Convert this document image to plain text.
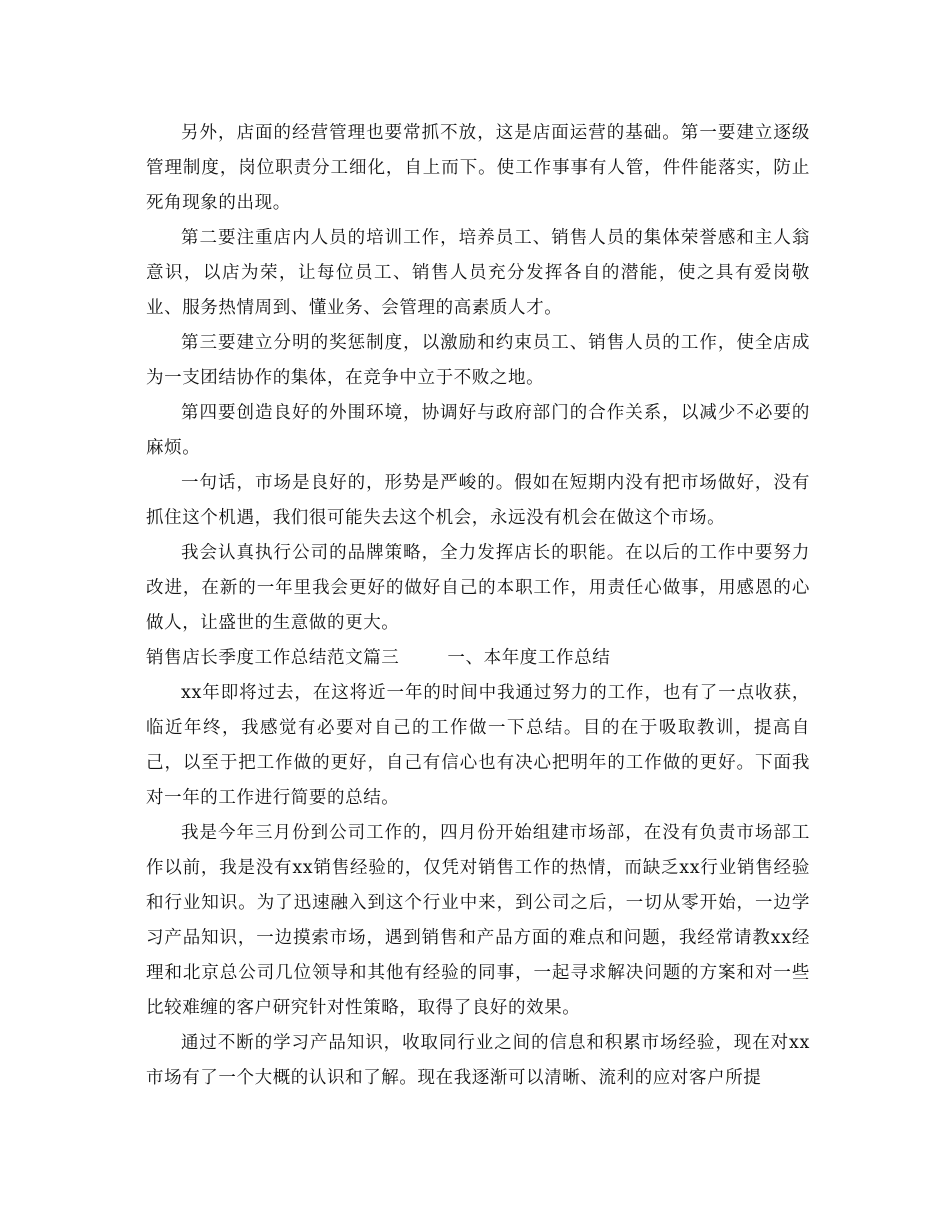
另外，店面的经营管理也要常抓不放，这是店面运营的基础。第一要建立逐级管理制度，岗位职责分工细化，自上而下。使工作事事有人管，件件能落实，防止死角现象的出现。

第二要注重店内人员的培训工作，培养员工、销售人员的集体荣誉感和主人翁意识，以店为荣，让每位员工、销售人员充分发挥各自的潜能，使之具有爱岗敬业、服务热情周到、懂业务、会管理的高素质人才。

第三要建立分明的奖惩制度，以激励和约束员工、销售人员的工作，使全店成为一支团结协作的集体，在竞争中立于不败之地。

第四要创造良好的外围环境，协调好与政府部门的合作关系，以减少不必要的麻烦。

一句话，市场是良好的，形势是严峻的。假如在短期内没有把市场做好，没有抓住这个机遇，我们很可能失去这个机会，永远没有机会在做这个市场。

我会认真执行公司的品牌策略，全力发挥店长的职能。在以后的工作中要努力改进，在新的一年里我会更好的做好自己的本职工作，用责任心做事，用感恩的心做人，让盛世的生意做的更大。

销售店长季度工作总结范文篇三	一、本年度工作总结

xx年即将过去，在这将近一年的时间中我通过努力的工作，也有了一点收获，临近年终，我感觉有必要对自己的工作做一下总结。目的在于吸取教训，提高自己，以至于把工作做的更好，自己有信心也有决心把明年的工作做的更好。下面我对一年的工作进行简要的总结。

我是今年三月份到公司工作的，四月份开始组建市场部，在没有负责市场部工作以前，我是没有xx销售经验的，仅凭对销售工作的热情，而缺乏xx行业销售经验和行业知识。为了迅速融入到这个行业中来，到公司之后，一切从零开始，一边学习产品知识，一边摸索市场，遇到销售和产品方面的难点和问题，我经常请教xx经理和北京总公司几位领导和其他有经验的同事，一起寻求解决问题的方案和对一些比较难缠的客户研究针对性策略，取得了良好的效果。

通过不断的学习产品知识，收取同行业之间的信息和积累市场经验，现在对xx市场有了一个大概的认识和了解。现在我逐渐可以清晰、流利的应对客户所提
